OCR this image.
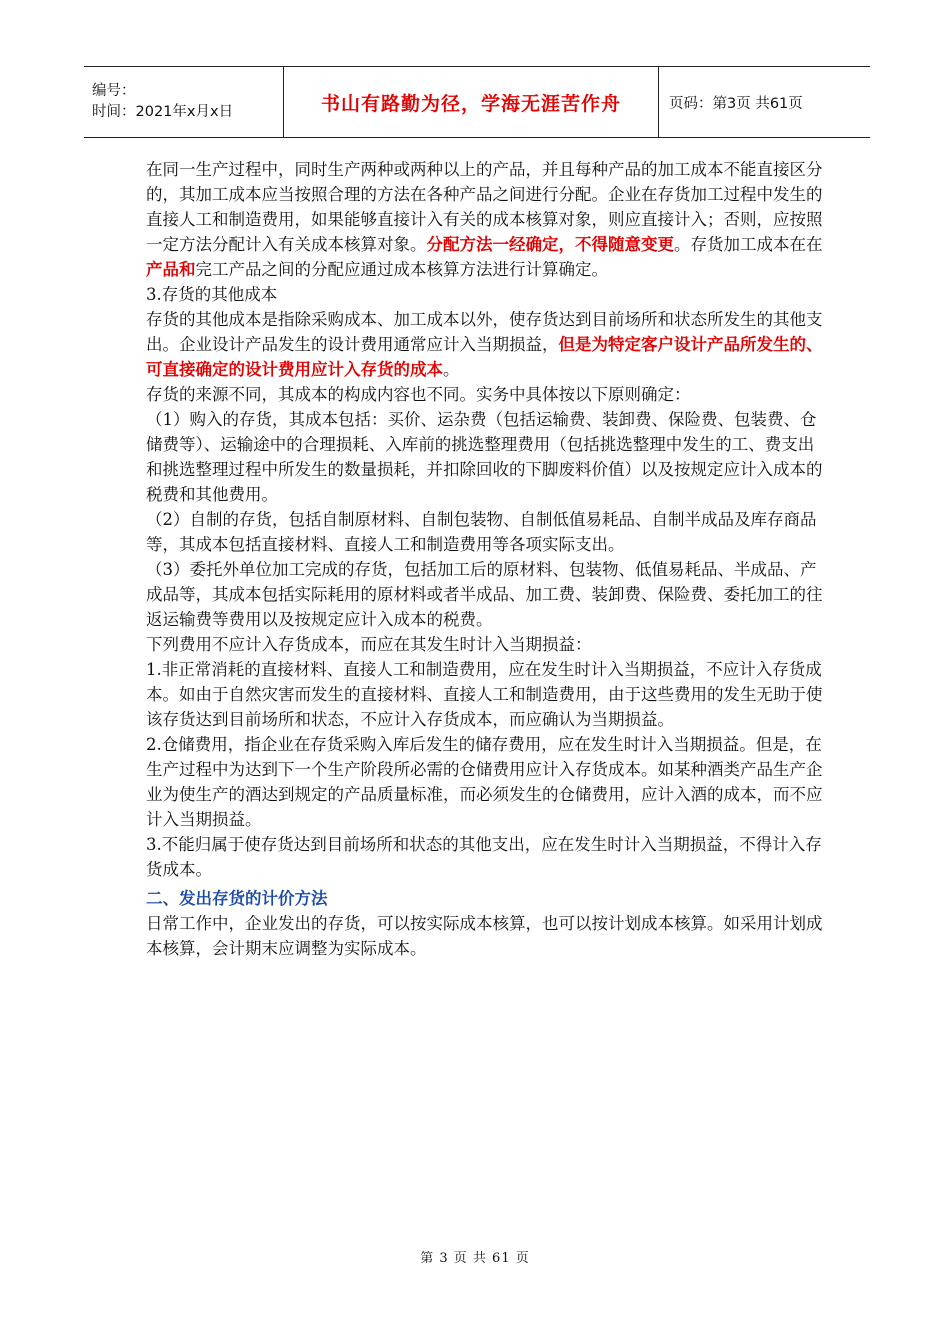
编号：
时间：2021年x月x日	书山有路勤为径，学海无涯苦作舟	页码：第3页 共61页

在同一生产过程中，同时生产两种或两种以上的产品，并且每种产品的加工成本不能直接区分的，其加工成本应当按照合理的方法在各种产品之间进行分配。企业在存货加工过程中发生的直接人工和制造费用，如果能够直接计入有关的成本核算对象，则应直接计入；否则，应按照一定方法分配计入有关成本核算对象。分配方法一经确定，不得随意变更。存货加工成本在在产品和完工产品之间的分配应通过成本核算方法进行计算确定。

3.存货的其他成本

存货的其他成本是指除采购成本、加工成本以外，使存货达到目前场所和状态所发生的其他支出。企业设计产品发生的设计费用通常应计入当期损益，但是为特定客户设计产品所发生的、可直接确定的设计费用应计入存货的成本。

存货的来源不同，其成本的构成内容也不同。实务中具体按以下原则确定：

（1）购入的存货，其成本包括：买价、运杂费（包括运输费、装卸费、保险费、包装费、仓储费等）、运输途中的合理损耗、入库前的挑选整理费用（包括挑选整理中发生的工、费支出和挑选整理过程中所发生的数量损耗，并扣除回收的下脚废料价值）以及按规定应计入成本的税费和其他费用。

（2）自制的存货，包括自制原材料、自制包装物、自制低值易耗品、自制半成品及库存商品等，其成本包括直接材料、直接人工和制造费用等各项实际支出。

（3）委托外单位加工完成的存货，包括加工后的原材料、包装物、低值易耗品、半成品、产成品等，其成本包括实际耗用的原材料或者半成品、加工费、装卸费、保险费、委托加工的往返运输费等费用以及按规定应计入成本的税费。

下列费用不应计入存货成本，而应在其发生时计入当期损益：

1.非正常消耗的直接材料、直接人工和制造费用，应在发生时计入当期损益，不应计入存货成本。如由于自然灾害而发生的直接材料、直接人工和制造费用，由于这些费用的发生无助于使该存货达到目前场所和状态，不应计入存货成本，而应确认为当期损益。

2.仓储费用，指企业在存货采购入库后发生的储存费用，应在发生时计入当期损益。但是，在生产过程中为达到下一个生产阶段所必需的仓储费用应计入存货成本。如某种酒类产品生产企业为使生产的酒达到规定的产品质量标准，而必须发生的仓储费用，应计入酒的成本，而不应计入当期损益。

3.不能归属于使存货达到目前场所和状态的其他支出，应在发生时计入当期损益，不得计入存货成本。

二、发出存货的计价方法

日常工作中，企业发出的存货，可以按实际成本核算，也可以按计划成本核算。如采用计划成本核算，会计期末应调整为实际成本。

第 3 页 共 61 页
